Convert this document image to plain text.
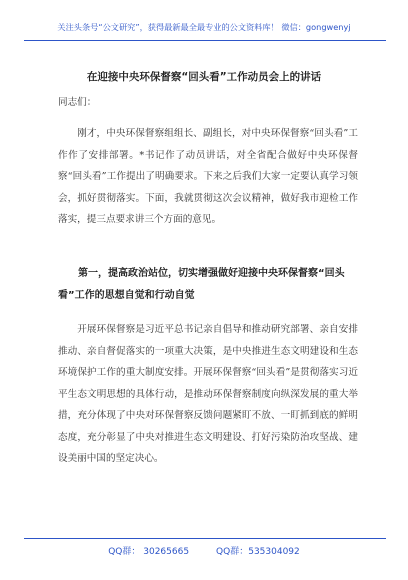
关注头条号“公文研究”，获得最新最全最专业的公文资料库！ 微信：gongwenyj
在迎接中央环保督察“回头看”工作动员会上的讲话
同志们：
刚才，中央环保督察组组长、副组长，对中央环保督察“回头看”工作作了安排部署。*书记作了动员讲话，对全省配合做好中央环保督察“回头看”工作提出了明确要求。下来之后我们大家一定要认真学习领会，抓好贯彻落实。下面，我就贯彻这次会议精神，做好我市迎检工作落实，提三点要求讲三个方面的意见。
第一，提高政治站位，切实增强做好迎接中央环保督察“回头看”工作的思想自觉和行动自觉
开展环保督察是习近平总书记亲自倡导和推动研究部署、亲自安排推动、亲自督促落实的一项重大决策，是中央推进生态文明建设和生态环境保护工作的重大制度安排。开展环保督察“回头看”是贯彻落实习近平生态文明思想的具体行动，是推动环保督察制度向纵深发展的重大举措，充分体现了中央对环保督察反馈问题紧盯不放、一盯抓到底的鲜明态度，充分彰显了中央对推进生态文明建设、打好污染防治攻坚战、建设美丽中国的坚定决心。
QQ群： 30265665　　　QQ群：535304092
